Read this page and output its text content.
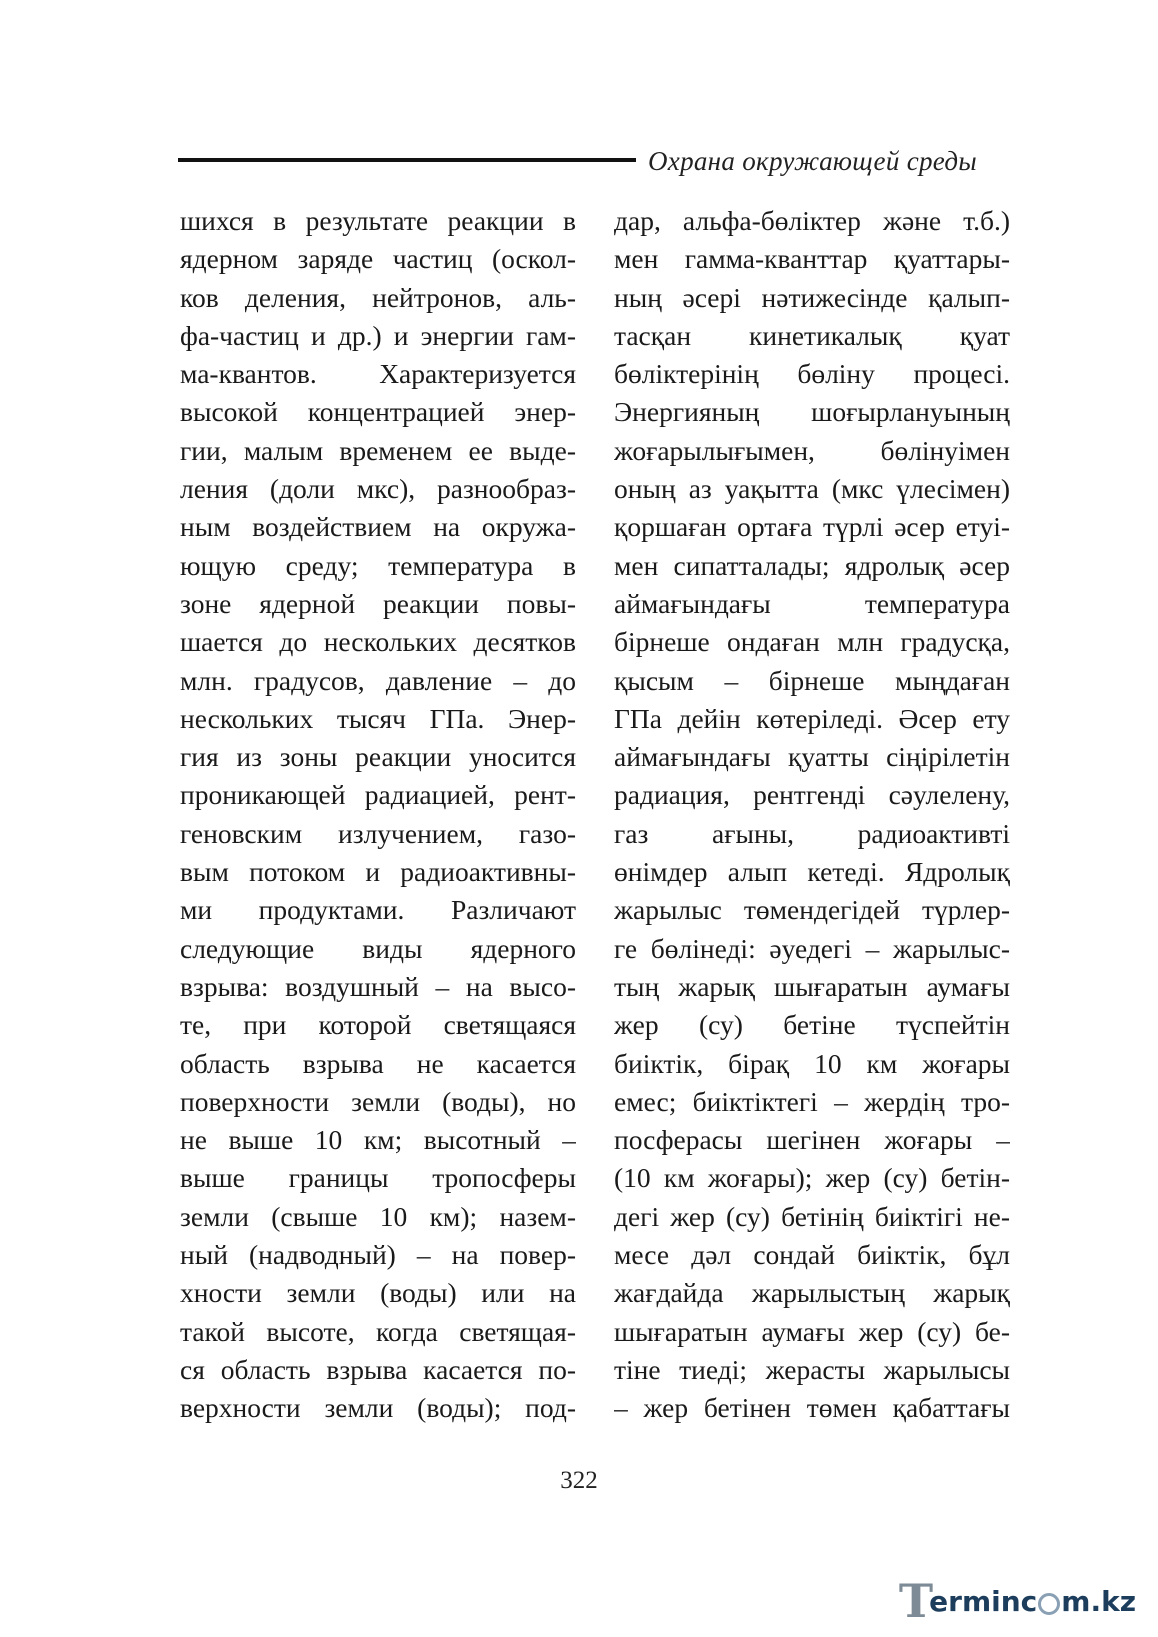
Охрана окружающей среды
шихся в результате реакции в
ядерном заряде частиц (оскол-
ков деления, нейтронов, аль-
фа-частиц и др.) и энергии гам-
ма-квантов. Характеризуется
высокой концентрацией энер-
гии, малым временем ее выде-
ления (доли мкс), разнообраз-
ным воздействием на окружа-
ющую среду; температура в
зоне ядерной реакции повы-
шается до нескольких десятков
млн. градусов, давление – до
нескольких тысяч ГПа. Энер-
гия из зоны реакции уносится
проникающей радиацией, рент-
геновским излучением, газо-
вым потоком и радиоактивны-
ми продуктами. Различают
следующие виды ядерного
взрыва: воздушный – на высо-
те, при которой светящаяся
область взрыва не касается
поверхности земли (воды), но
не выше 10 км; высотный –
выше границы тропосферы
земли (свыше 10 км); назем-
ный (надводный) – на повер-
хности земли (воды) или на
такой высоте, когда светящая-
ся область взрыва касается по-
верхности земли (воды); под-
дар, альфа-бөлiктер және т.б.)
мен гамма-кванттар қуаттары-
ның әсерi нәтижесiнде қалып-
тасқан кинетикалық қуат
бөлiктерiнiң бөлiну процесi.
Энергияның шоғырлануының
жоғарылығымен, бөлiнуiмен
оның аз уақытта (мкс үлесiмен)
қоршаған ортаға түрлi әсер етуi-
мен сипатталады; ядролық әсер
аймағындағы температура
бiрнеше ондаған млн градусқа,
қысым – бiрнеше мыңдаған
ГПа дейiн көтерiледi. Әсер ету
аймағындағы қуатты сiңiрiлетiн
радиация, рентгендi сәулелену,
газ ағыны, радиоактивтi
өнiмдер алып кетедi. Ядролық
жарылыс төмендегiдей түрлер-
ге бөлiнедi: әуедегi – жарылыс-
тың жарық шығаратын аумағы
жер (су) бетiне түспейтiн
биiктiк, бiрақ 10 км жоғары
емес; биiктiктегi – жердiң тро-
посферасы шегiнен жоғары –
(10 км жоғары); жер (су) бетiн-
дегi жер (су) бетiнiң биiктiгi не-
месе дәл сондай биiктiк, бұл
жағдайда жарылыстың жарық
шығаратын аумағы жер (су) бе-
тiне тиедi; жерасты жарылысы
– жер бетiнен төмен қабаттағы
322
T
erminc m.kz
